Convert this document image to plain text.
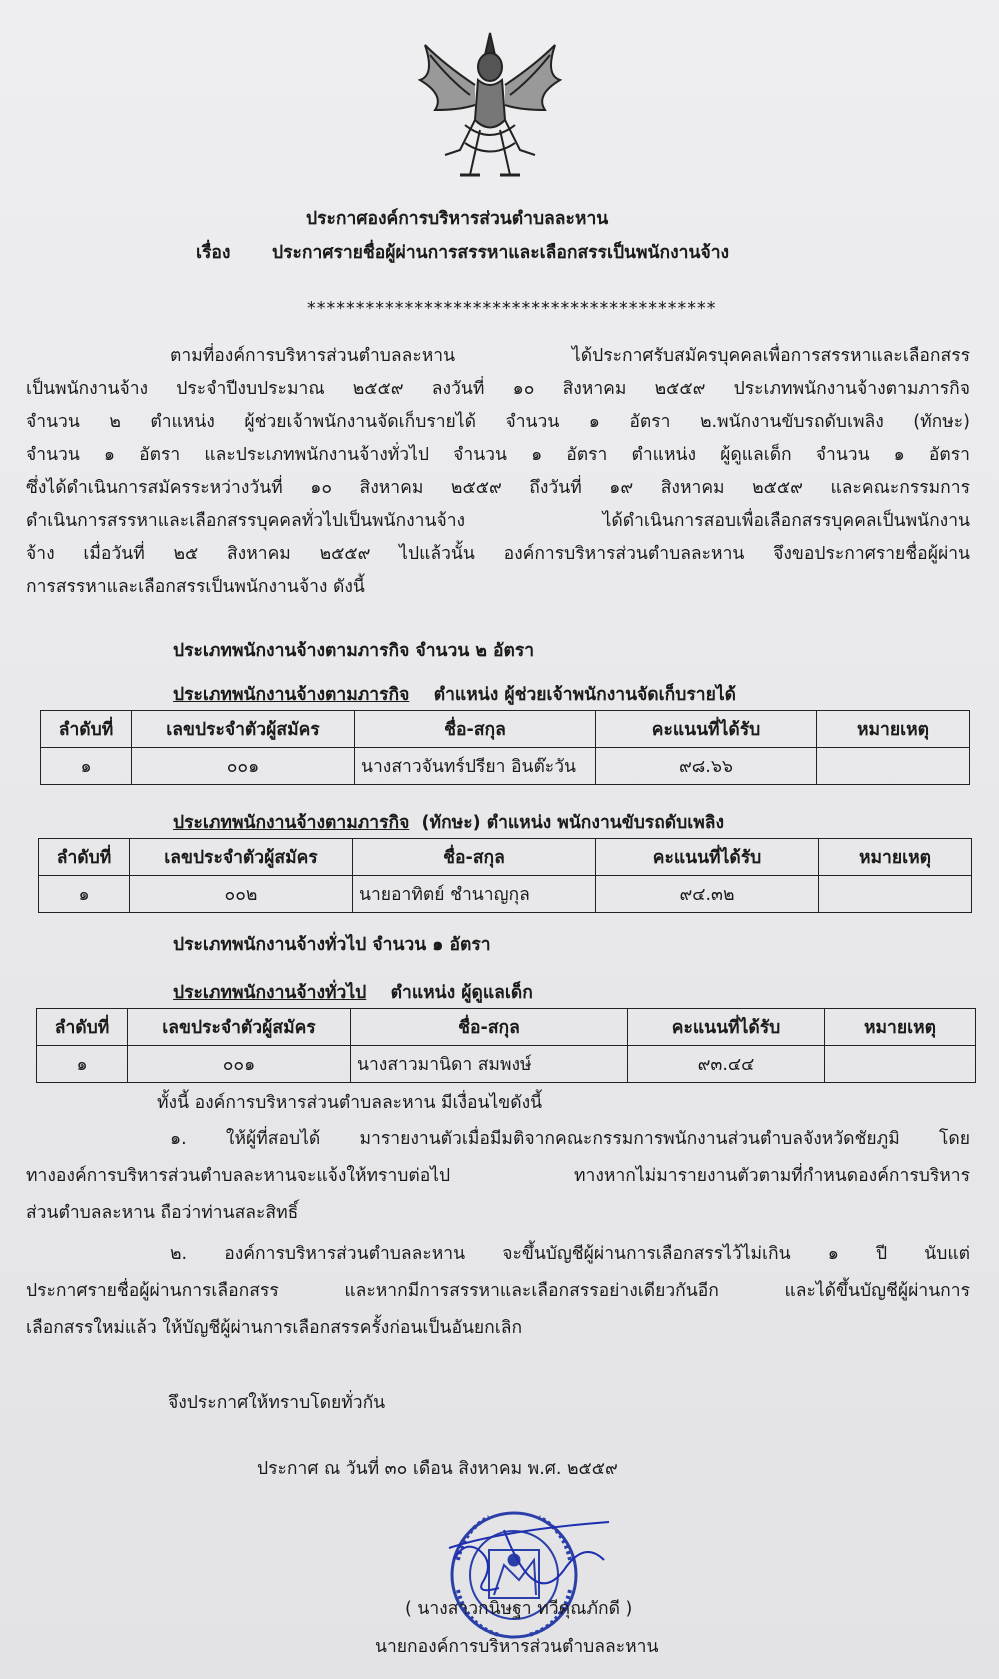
ประกาศองค์การบริหารส่วนตำบลละหาน
เรื่อง ประกาศรายชื่อผู้ผ่านการสรรหาและเลือกสรรเป็นพนักงานจ้าง
******************************************
ตามที่องค์การบริหารส่วนตำบลละหาน ได้ประกาศรับสมัครบุคคลเพื่อการสรรหาและเลือกสรร
เป็นพนักงานจ้าง ประจำปีงบประมาณ ๒๕๕๙ ลงวันที่ ๑๐ สิงหาคม ๒๕๕๙ ประเภทพนักงานจ้างตามภารกิจ
จำนวน ๒ ตำแหน่ง ผู้ช่วยเจ้าพนักงานจัดเก็บรายได้ จำนวน ๑ อัตรา ๒.พนักงานขับรถดับเพลิง (ทักษะ)
จำนวน ๑ อัตรา และประเภทพนักงานจ้างทั่วไป จำนวน ๑ อัตรา ตำแหน่ง ผู้ดูแลเด็ก จำนวน ๑ อัตรา
ซึ่งได้ดำเนินการสมัครระหว่างวันที่ ๑๐ สิงหาคม ๒๕๕๙ ถึงวันที่ ๑๙ สิงหาคม ๒๕๕๙ และคณะกรรมการ
ดำเนินการสรรหาและเลือกสรรบุคคลทั่วไปเป็นพนักงานจ้าง ได้ดำเนินการสอบเพื่อเลือกสรรบุคคลเป็นพนักงาน
จ้าง เมื่อวันที่ ๒๕ สิงหาคม ๒๕๕๙ ไปแล้วนั้น องค์การบริหารส่วนตำบลละหาน จึงขอประกาศรายชื่อผู้ผ่าน
การสรรหาและเลือกสรรเป็นพนักงานจ้าง ดังนี้
ประเภทพนักงานจ้างตามภารกิจ จำนวน ๒ อัตรา
ประเภทพนักงานจ้างตามภารกิจ ตำแหน่ง ผู้ช่วยเจ้าพนักงานจัดเก็บรายได้
ลำดับที่	เลขประจำตัวผู้สมัคร	ชื่อ-สกุล	คะแนนที่ได้รับ	หมายเหตุ
๑	๐๐๑	นางสาวจันทร์ปรียา อินต๊ะวัน	๙๘.๖๖	
ประเภทพนักงานจ้างตามภารกิจ (ทักษะ) ตำแหน่ง พนักงานขับรถดับเพลิง
ลำดับที่	เลขประจำตัวผู้สมัคร	ชื่อ-สกุล	คะแนนที่ได้รับ	หมายเหตุ
๑	๐๐๒	นายอาทิตย์ ชำนาญกุล	๙๔.๓๒	
ประเภทพนักงานจ้างทั่วไป จำนวน ๑ อัตรา
ประเภทพนักงานจ้างทั่วไป ตำแหน่ง ผู้ดูแลเด็ก
ลำดับที่	เลขประจำตัวผู้สมัคร	ชื่อ-สกุล	คะแนนที่ได้รับ	หมายเหตุ
๑	๐๐๑	นางสาวมานิดา สมพงษ์	๙๓.๔๔	
ทั้งนี้ องค์การบริหารส่วนตำบลละหาน มีเงื่อนไขดังนี้
๑. ให้ผู้ที่สอบได้ มารายงานตัวเมื่อมีมติจากคณะกรรมการพนักงานส่วนตำบลจังหวัดชัยภูมิ โดย
ทางองค์การบริหารส่วนตำบลละหานจะแจ้งให้ทราบต่อไป ทางหากไม่มารายงานตัวตามที่กำหนดองค์การบริหาร
ส่วนตำบลละหาน ถือว่าท่านสละสิทธิ์
๒. องค์การบริหารส่วนตำบลละหาน จะขึ้นบัญชีผู้ผ่านการเลือกสรรไว้ไม่เกิน ๑ ปี นับแต่
ประกาศรายชื่อผู้ผ่านการเลือกสรร และหากมีการสรรหาและเลือกสรรอย่างเดียวกันอีก และได้ขึ้นบัญชีผู้ผ่านการ
เลือกสรรใหม่แล้ว ให้บัญชีผู้ผ่านการเลือกสรรครั้งก่อนเป็นอันยกเลิก
จึงประกาศให้ทราบโดยทั่วกัน
ประกาศ ณ วันที่ ๓๐ เดือน สิงหาคม พ.ศ. ๒๕๕๙
( นางสาวกนิษฐา ทวีคุณภักดี )
นายกองค์การบริหารส่วนตำบลละหาน
